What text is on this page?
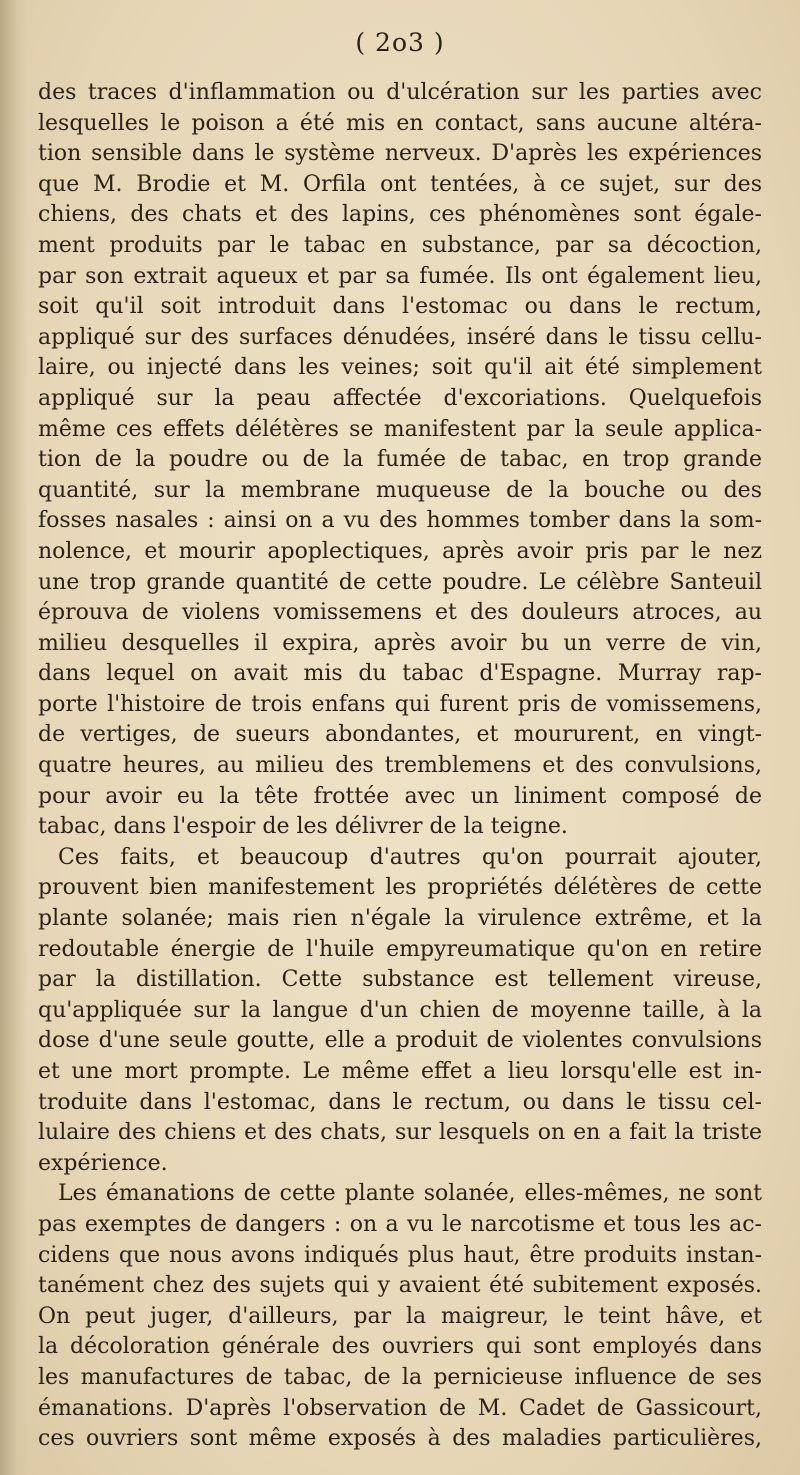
( 2o3 )
des traces d'inflammation ou d'ulcération sur les parties avec
lesquelles le poison a été mis en contact, sans aucune altéra-
tion sensible dans le système nerveux. D'après les expériences
que M. Brodie et M. Orfila ont tentées, à ce sujet, sur des
chiens, des chats et des lapins, ces phénomènes sont égale-
ment produits par le tabac en substance, par sa décoction,
par son extrait aqueux et par sa fumée. Ils ont également lieu,
soit qu'il soit introduit dans l'estomac ou dans le rectum,
appliqué sur des surfaces dénudées, inséré dans le tissu cellu-
laire, ou injecté dans les veines; soit qu'il ait été simplement
appliqué sur la peau affectée d'excoriations. Quelquefois
même ces effets délétères se manifestent par la seule applica-
tion de la poudre ou de la fumée de tabac, en trop grande
quantité, sur la membrane muqueuse de la bouche ou des
fosses nasales : ainsi on a vu des hommes tomber dans la som-
nolence, et mourir apoplectiques, après avoir pris par le nez
une trop grande quantité de cette poudre. Le célèbre Santeuil
éprouva de violens vomissemens et des douleurs atroces, au
milieu desquelles il expira, après avoir bu un verre de vin,
dans lequel on avait mis du tabac d'Espagne. Murray rap-
porte l'histoire de trois enfans qui furent pris de vomissemens,
de vertiges, de sueurs abondantes, et moururent, en vingt-
quatre heures, au milieu des tremblemens et des convulsions,
pour avoir eu la tête frottée avec un liniment composé de
tabac, dans l'espoir de les délivrer de la teigne.
Ces faits, et beaucoup d'autres qu'on pourrait ajouter,
prouvent bien manifestement les propriétés délétères de cette
plante solanée; mais rien n'égale la virulence extrême, et la
redoutable énergie de l'huile empyreumatique qu'on en retire
par la distillation. Cette substance est tellement vireuse,
qu'appliquée sur la langue d'un chien de moyenne taille, à la
dose d'une seule goutte, elle a produit de violentes convulsions
et une mort prompte. Le même effet a lieu lorsqu'elle est in-
troduite dans l'estomac, dans le rectum, ou dans le tissu cel-
lulaire des chiens et des chats, sur lesquels on en a fait la triste
expérience.
Les émanations de cette plante solanée, elles-mêmes, ne sont
pas exemptes de dangers : on a vu le narcotisme et tous les ac-
cidens que nous avons indiqués plus haut, être produits instan-
tanément chez des sujets qui y avaient été subitement exposés.
On peut juger, d'ailleurs, par la maigreur, le teint hâve, et
la décoloration générale des ouvriers qui sont employés dans
les manufactures de tabac, de la pernicieuse influence de ses
émanations. D'après l'observation de M. Cadet de Gassicourt,
ces ouvriers sont même exposés à des maladies particulières,
